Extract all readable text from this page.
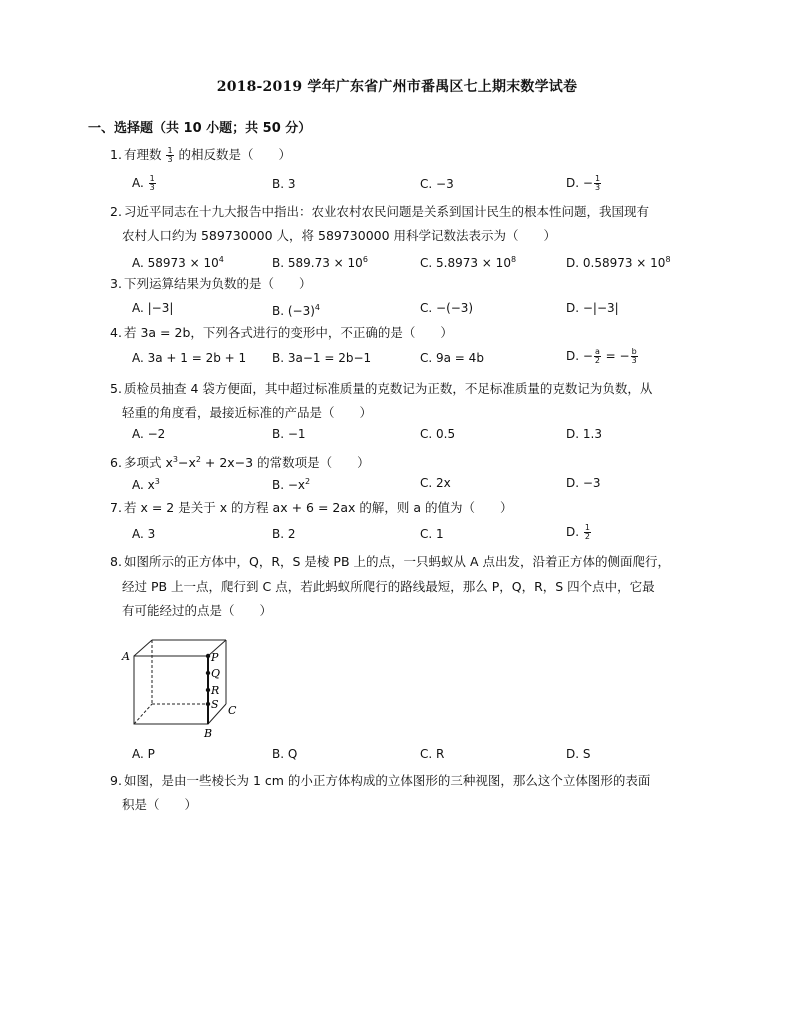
2018-2019 学年广东省广州市番禺区七上期末数学试卷
一、选择题（共 10 小题；共 50 分）
1. 有理数 $\frac{1}{3}$ 的相反数是（　　）
A. $\frac{1}{3}$	B. 3	C. −3	D. − $\frac{1}{3}$
2. 习近平同志在十九大报告中指出：农业农村农民问题是关系到国计民生的根本性问题，我国现有
农村人口约为 589730000 人，将 589730000 用科学记数法表示为（　　）
A. $58973 \times 10^4$	B. $589.73 \times 10^6$	C. $5.8973 \times 10^8$	D. $0.58973 \times 10^8$
3. 下列运算结果为负数的是（　　）
A. |−3|	B. $(-3)^4$	C. −(−3)	D. −|−3|
4. 若 3a = 2b，下列各式进行的变形中，不正确的是（　　）
A. 3a + 1 = 2b + 1 B. 3a−1 = 2b−1	C. 9a = 4b	D. − $\frac{a}{2}$ = − $\frac{b}{3}$
5. 质检员抽查 4 袋方便面，其中超过标准质量的克数记为正数，不足标准质量的克数记为负数，从
轻重的角度看，最接近标准的产品是（　　）
A. −2	B. −1	C. 0.5	D. 1.3
6. 多项式 $x^3-x^2 + 2x-3$ 的常数项是（　　）
A. $x^3$	B. $-x^2$	C. 2x	D. −3
7. 若 x = 2 是关于 x 的方程 ax + 6 = 2ax 的解，则 a 的值为（　　）
A. 3	B. 2	C. 1	D. $\frac{1}{2}$
8. 如图所示的正方体中，Q，R，S 是棱 PB 上的点，一只蚂蚁从 A 点出发，沿着正方体的侧面爬行，
经过 PB 上一点，爬行到 C 点，若此蚂蚁所爬行的路线最短，那么 P，Q，R，S 四个点中，它最
有可能经过的点是（　　）
A	P
Q
R
S C
B
A. P	B. Q	C. R	D. S
9. 如图，是由一些棱长为 1 cm 的小正方体构成的立体图形的三种视图，那么这个立体图形的表面
积是（　　）
